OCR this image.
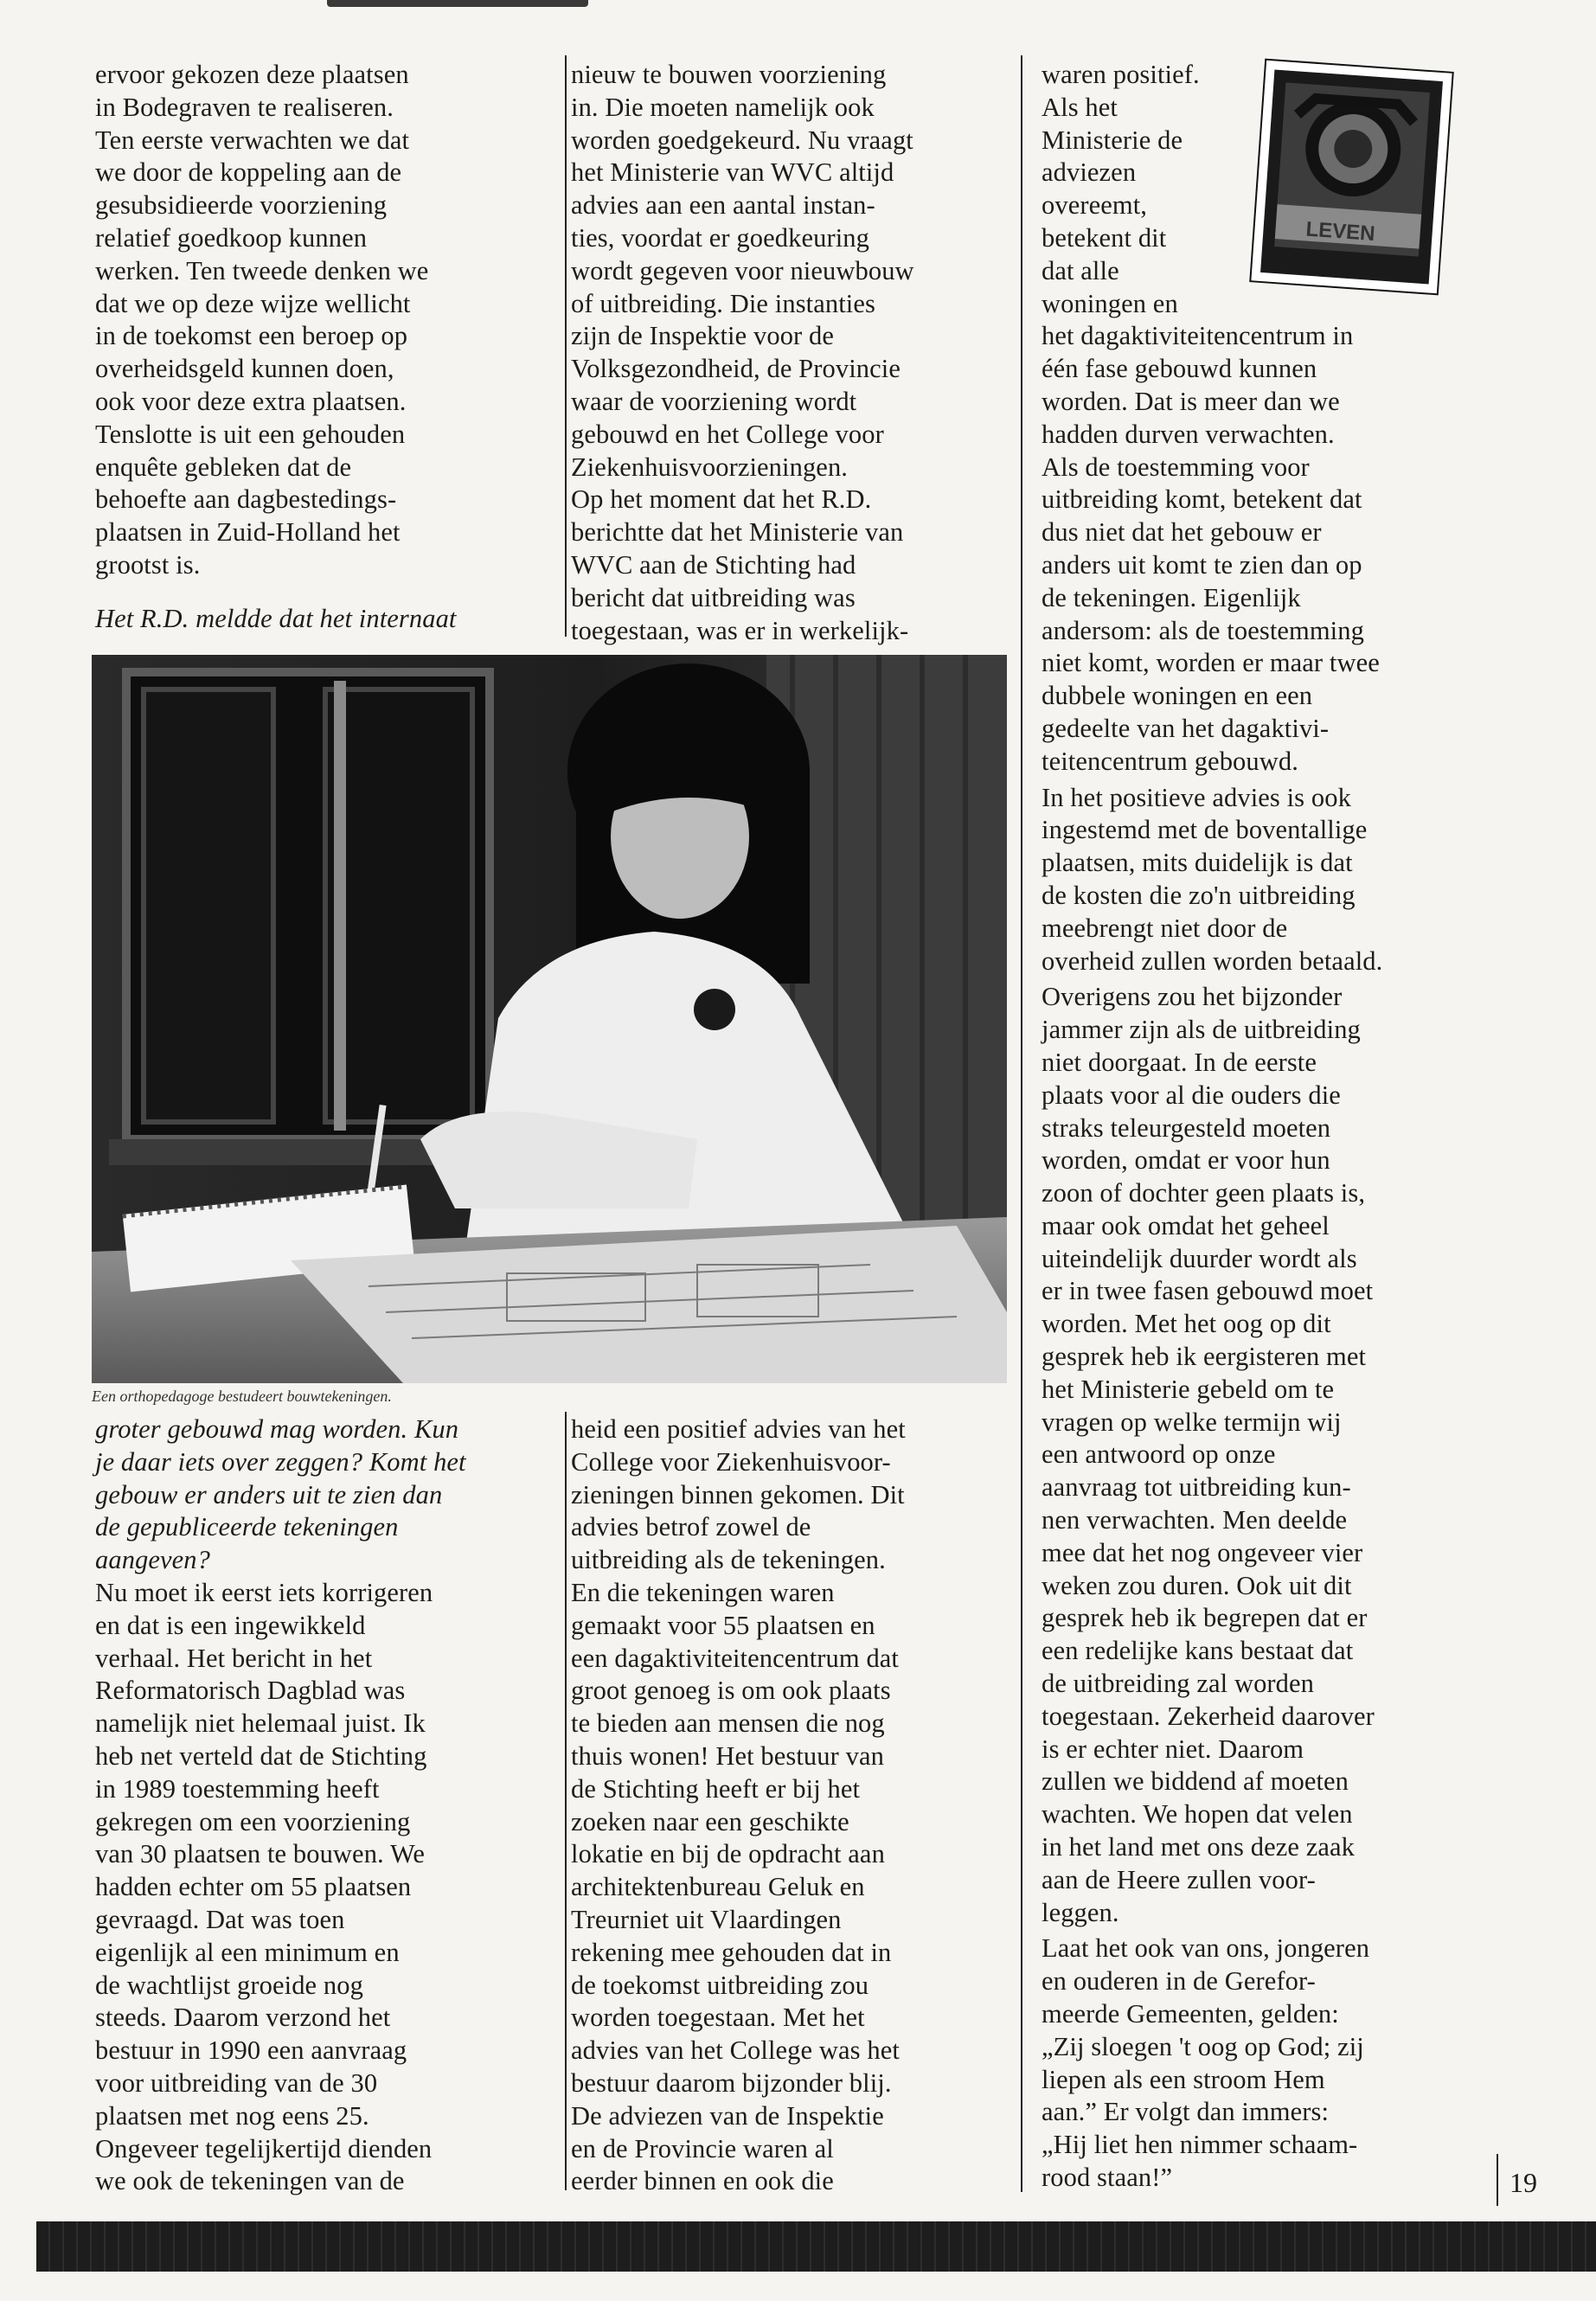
ervoor gekozen deze plaatsen
in Bodegraven te realiseren.
Ten eerste verwachten we dat
we door de koppeling aan de
gesubsidieerde voorziening
relatief goedkoop kunnen
werken. Ten tweede denken we
dat we op deze wijze wellicht
in de toekomst een beroep op
overheidsgeld kunnen doen,
ook voor deze extra plaatsen.
Tenslotte is uit een gehouden
enquête gebleken dat de
behoefte aan dagbestedings-
plaatsen in Zuid-Holland het
grootst is.

Het R.D. meldde dat het internaat

nieuw te bouwen voorziening
in. Die moeten namelijk ook
worden goedgekeurd. Nu vraagt
het Ministerie van WVC altijd
advies aan een aantal instan-
ties, voordat er goedkeuring
wordt gegeven voor nieuwbouw
of uitbreiding. Die instanties
zijn de Inspektie voor de
Volksgezondheid, de Provincie
waar de voorziening wordt
gebouwd en het College voor
Ziekenhuisvoorzieningen.

Op het moment dat het R.D.
berichtte dat het Ministerie van
WVC aan de Stichting had
bericht dat uitbreiding was
toegestaan, was er in werkelijk-

Een orthopedagoge bestudeert bouwtekeningen.

groter gebouwd mag worden. Kun
je daar iets over zeggen? Komt het
gebouw er anders uit te zien dan
de gepubliceerde tekeningen
aangeven?

Nu moet ik eerst iets korrigeren
en dat is een ingewikkeld
verhaal. Het bericht in het
Reformatorisch Dagblad was
namelijk niet helemaal juist. Ik
heb net verteld dat de Stichting
in 1989 toestemming heeft
gekregen om een voorziening
van 30 plaatsen te bouwen. We
hadden echter om 55 plaatsen
gevraagd. Dat was toen
eigenlijk al een minimum en
de wachtlijst groeide nog
steeds. Daarom verzond het
bestuur in 1990 een aanvraag
voor uitbreiding van de 30
plaatsen met nog eens 25.
Ongeveer tegelijkertijd dienden
we ook de tekeningen van de

heid een positief advies van het
College voor Ziekenhuisvoor-
zieningen binnen gekomen. Dit
advies betrof zowel de
uitbreiding als de tekeningen.
En die tekeningen waren
gemaakt voor 55 plaatsen en
een dagaktiviteitencentrum dat
groot genoeg is om ook plaats
te bieden aan mensen die nog
thuis wonen! Het bestuur van
de Stichting heeft er bij het
zoeken naar een geschikte
lokatie en bij de opdracht aan
architektenbureau Geluk en
Treurniet uit Vlaardingen
rekening mee gehouden dat in
de toekomst uitbreiding zou
worden toegestaan. Met het
advies van het College was het
bestuur daarom bijzonder blij.
De adviezen van de Inspektie
en de Provincie waren al
eerder binnen en ook die

waren positief.
Als het
Ministerie de
adviezen
overeemt,
betekent dit
dat alle
woningen en
het dagaktiviteitencentrum in
één fase gebouwd kunnen
worden. Dat is meer dan we
hadden durven verwachten.
Als de toestemming voor
uitbreiding komt, betekent dat
dus niet dat het gebouw er
anders uit komt te zien dan op
de tekeningen. Eigenlijk
andersom: als de toestemming
niet komt, worden er maar twee
dubbele woningen en een
gedeelte van het dagaktivi-
teitencentrum gebouwd.

In het positieve advies is ook
ingestemd met de boventallige
plaatsen, mits duidelijk is dat
de kosten die zo'n uitbreiding
meebrengt niet door de
overheid zullen worden betaald.

Overigens zou het bijzonder
jammer zijn als de uitbreiding
niet doorgaat. In de eerste
plaats voor al die ouders die
straks teleurgesteld moeten
worden, omdat er voor hun
zoon of dochter geen plaats is,
maar ook omdat het geheel
uiteindelijk duurder wordt als
er in twee fasen gebouwd moet
worden. Met het oog op dit
gesprek heb ik eergisteren met
het Ministerie gebeld om te
vragen op welke termijn wij
een antwoord op onze
aanvraag tot uitbreiding kun-
nen verwachten. Men deelde
mee dat het nog ongeveer vier
weken zou duren. Ook uit dit
gesprek heb ik begrepen dat er
een redelijke kans bestaat dat
de uitbreiding zal worden
toegestaan. Zekerheid daarover
is er echter niet. Daarom
zullen we biddend af moeten
wachten. We hopen dat velen
in het land met ons deze zaak
aan de Heere zullen voor-
leggen.

Laat het ook van ons, jongeren
en ouderen in de Gerefor-
meerde Gemeenten, gelden:
„Zij sloegen 't oog op God; zij
liepen als een stroom Hem
aan.” Er volgt dan immers:
„Hij liet hen nimmer schaam-
rood staan!”

LEVEN
19
